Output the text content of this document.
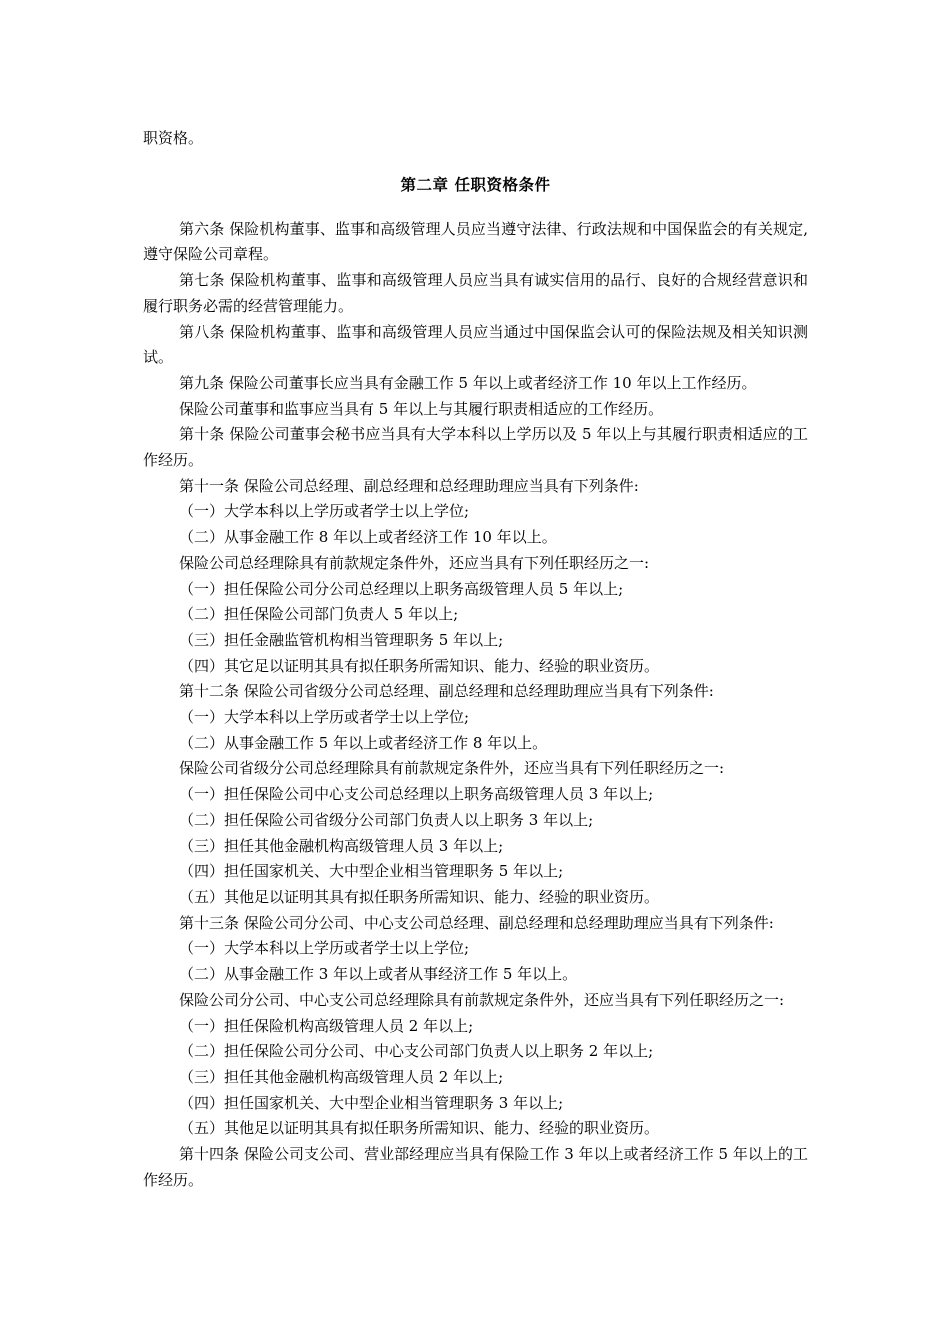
职资格。

第二章 任职资格条件

第六条 保险机构董事、监事和高级管理人员应当遵守法律、行政法规和中国保监会的有关规定,遵守保险公司章程。

第七条 保险机构董事、监事和高级管理人员应当具有诚实信用的品行、良好的合规经营意识和履行职务必需的经营管理能力。

第八条 保险机构董事、监事和高级管理人员应当通过中国保监会认可的保险法规及相关知识测试。

第九条 保险公司董事长应当具有金融工作 5 年以上或者经济工作 10 年以上工作经历。

保险公司董事和监事应当具有 5 年以上与其履行职责相适应的工作经历。

第十条 保险公司董事会秘书应当具有大学本科以上学历以及 5 年以上与其履行职责相适应的工作经历。

第十一条 保险公司总经理、副总经理和总经理助理应当具有下列条件:

（一）大学本科以上学历或者学士以上学位;

（二）从事金融工作 8 年以上或者经济工作 10 年以上。

保险公司总经理除具有前款规定条件外，还应当具有下列任职经历之一:

（一）担任保险公司分公司总经理以上职务高级管理人员 5 年以上;

（二）担任保险公司部门负责人 5 年以上;

（三）担任金融监管机构相当管理职务 5 年以上;

（四）其它足以证明其具有拟任职务所需知识、能力、经验的职业资历。

第十二条 保险公司省级分公司总经理、副总经理和总经理助理应当具有下列条件:

（一）大学本科以上学历或者学士以上学位;

（二）从事金融工作 5 年以上或者经济工作 8 年以上。

保险公司省级分公司总经理除具有前款规定条件外，还应当具有下列任职经历之一:

（一）担任保险公司中心支公司总经理以上职务高级管理人员 3 年以上;

（二）担任保险公司省级分公司部门负责人以上职务 3 年以上;

（三）担任其他金融机构高级管理人员 3 年以上;

（四）担任国家机关、大中型企业相当管理职务 5 年以上;

（五）其他足以证明其具有拟任职务所需知识、能力、经验的职业资历。

第十三条 保险公司分公司、中心支公司总经理、副总经理和总经理助理应当具有下列条件:

（一）大学本科以上学历或者学士以上学位;

（二）从事金融工作 3 年以上或者从事经济工作 5 年以上。

保险公司分公司、中心支公司总经理除具有前款规定条件外，还应当具有下列任职经历之一:

（一）担任保险机构高级管理人员 2 年以上;

（二）担任保险公司分公司、中心支公司部门负责人以上职务 2 年以上;

（三）担任其他金融机构高级管理人员 2 年以上;

（四）担任国家机关、大中型企业相当管理职务 3 年以上;

（五）其他足以证明其具有拟任职务所需知识、能力、经验的职业资历。

第十四条 保险公司支公司、营业部经理应当具有保险工作 3 年以上或者经济工作 5 年以上的工作经历。
